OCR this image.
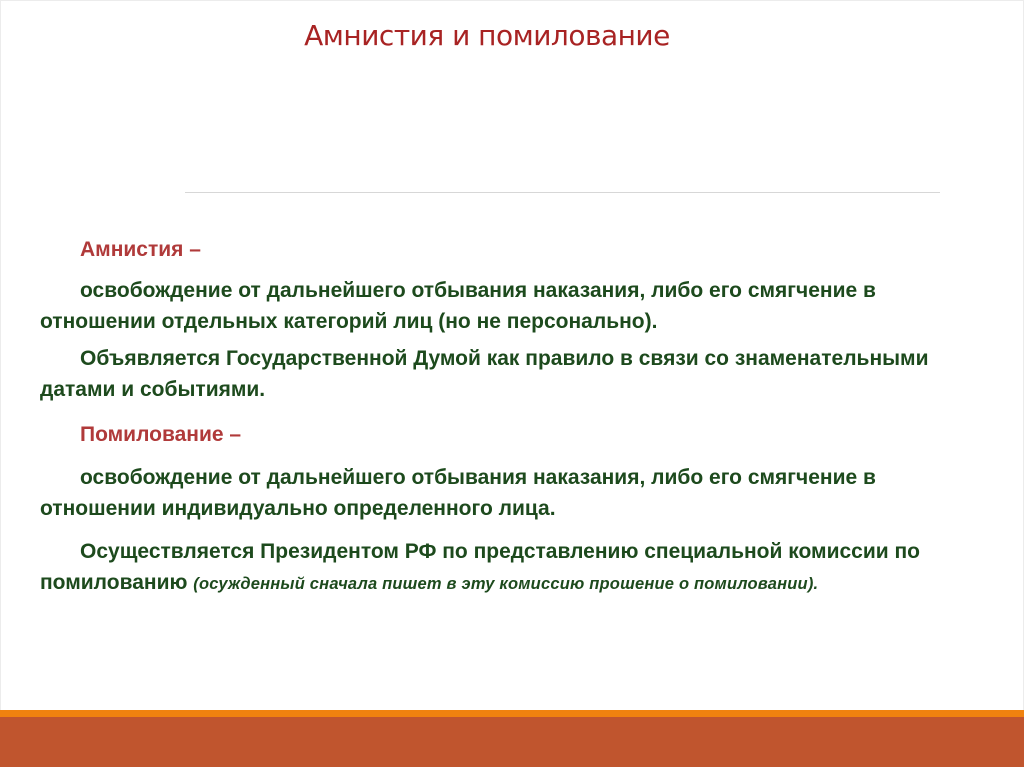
Амнистия и помилование

Амнистия –

освобождение от дальнейшего отбывания наказания, либо его смягчение в отношении отдельных категорий лиц (но не персонально).

Объявляется Государственной Думой как правило в связи со знаменательными датами и событиями.

Помилование –

освобождение от дальнейшего отбывания наказания, либо его смягчение в отношении индивидуально определенного лица.

Осуществляется Президентом РФ по представлению специальной комиссии по помилованию (осужденный сначала пишет в эту комиссию прошение о помиловании).
